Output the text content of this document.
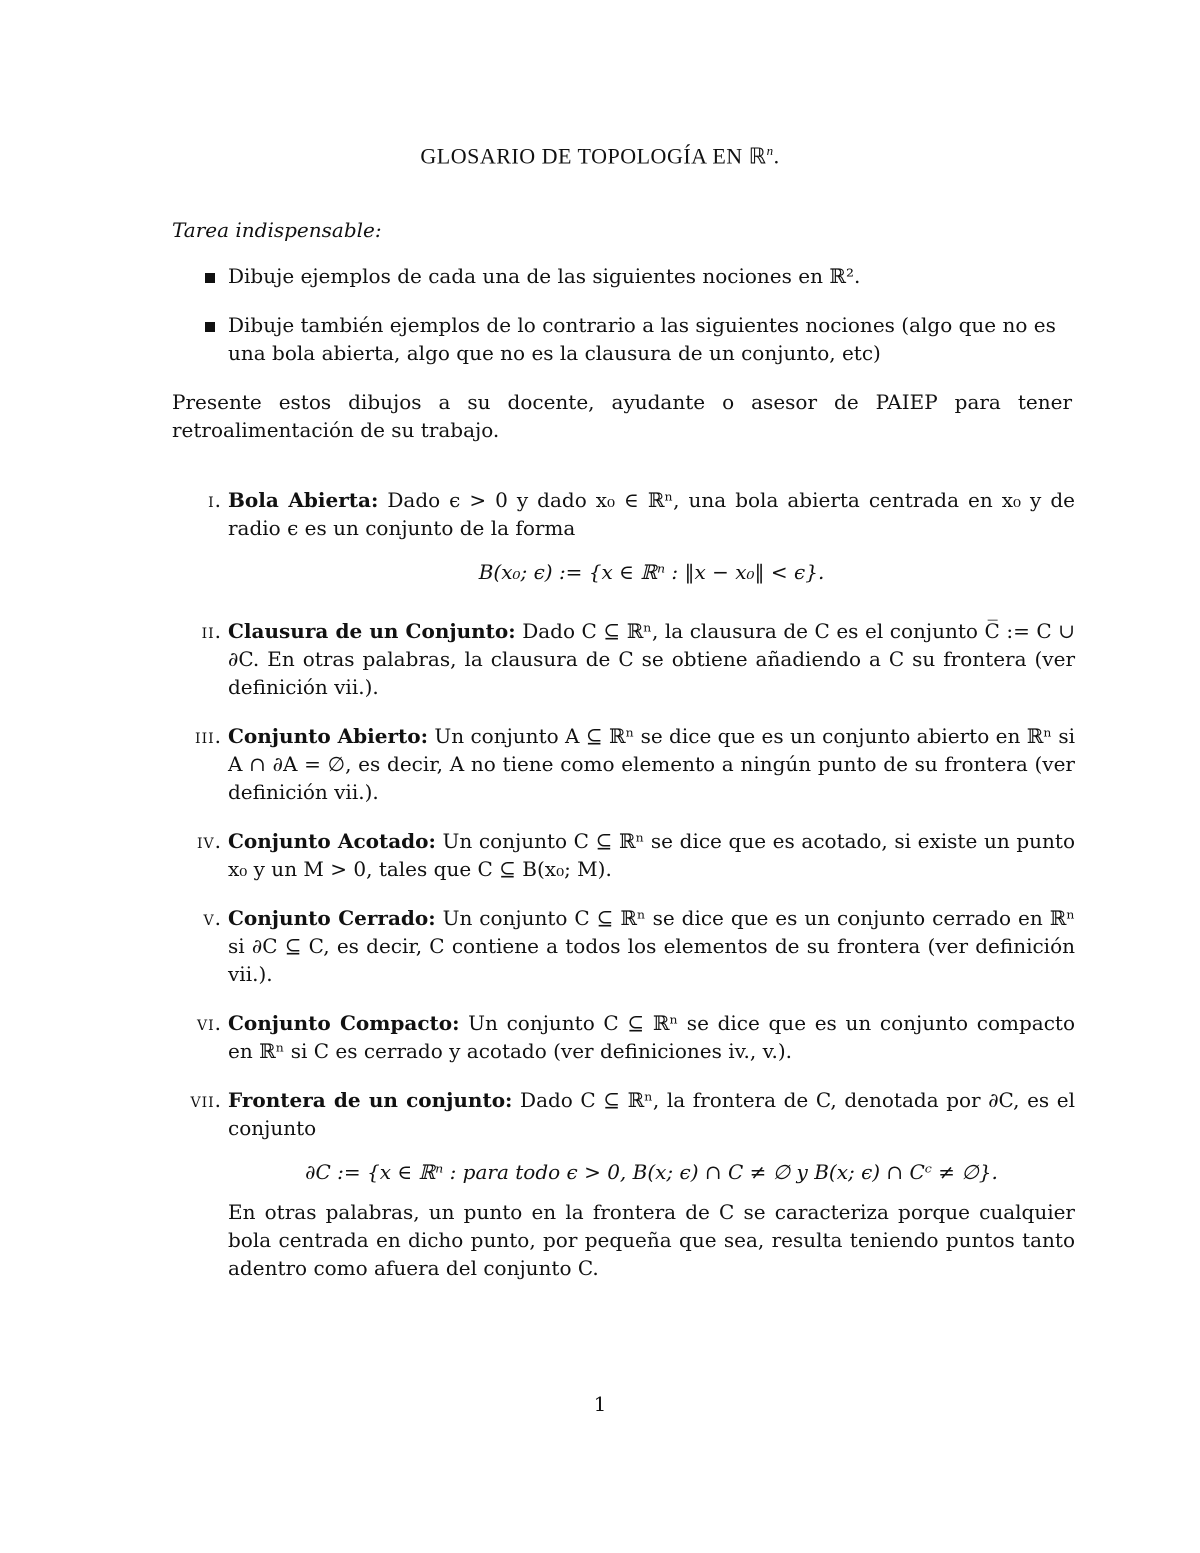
GLOSARIO DE TOPOLOGÍA EN ℝ$^n$.
Tarea indispensable:
Dibuje ejemplos de cada una de las siguientes nociones en ℝ².
Dibuje también ejemplos de lo contrario a las siguientes nociones (algo que no es una bola abierta, algo que no es la clausura de un conjunto, etc)
Presente estos dibujos a su docente, ayudante o asesor de PAIEP para tener retroalimentación de su trabajo.
i. Bola Abierta: Dado ϵ > 0 y dado x₀ ∈ ℝⁿ, una bola abierta centrada en x₀ y de radio ϵ es un conjunto de la forma
B(x₀; ϵ) := {x ∈ ℝⁿ : ‖x − x₀‖ < ϵ}.
ii. Clausura de un Conjunto: Dado C ⊆ ℝⁿ, la clausura de C es el conjunto C̅ := C ∪ ∂C. En otras palabras, la clausura de C se obtiene añadiendo a C su frontera (ver definición vii.).
iii. Conjunto Abierto: Un conjunto A ⊆ ℝⁿ se dice que es un conjunto abierto en ℝⁿ si A ∩ ∂A = ∅, es decir, A no tiene como elemento a ningún punto de su frontera (ver definición vii.).
iv. Conjunto Acotado: Un conjunto C ⊆ ℝⁿ se dice que es acotado, si existe un punto x₀ y un M > 0, tales que C ⊆ B(x₀; M).
v. Conjunto Cerrado: Un conjunto C ⊆ ℝⁿ se dice que es un conjunto cerrado en ℝⁿ si ∂C ⊆ C, es decir, C contiene a todos los elementos de su frontera (ver definición vii.).
vi. Conjunto Compacto: Un conjunto C ⊆ ℝⁿ se dice que es un conjunto compacto en ℝⁿ si C es cerrado y acotado (ver definiciones iv., v.).
vii. Frontera de un conjunto: Dado C ⊆ ℝⁿ, la frontera de C, denotada por ∂C, es el conjunto
∂C := {x ∈ ℝⁿ : para todo ϵ > 0, B(x; ϵ) ∩ C ≠ ∅ y B(x; ϵ) ∩ Cᶜ ≠ ∅}.
En otras palabras, un punto en la frontera de C se caracteriza porque cualquier bola centrada en dicho punto, por pequeña que sea, resulta teniendo puntos tanto adentro como afuera del conjunto C.
1
